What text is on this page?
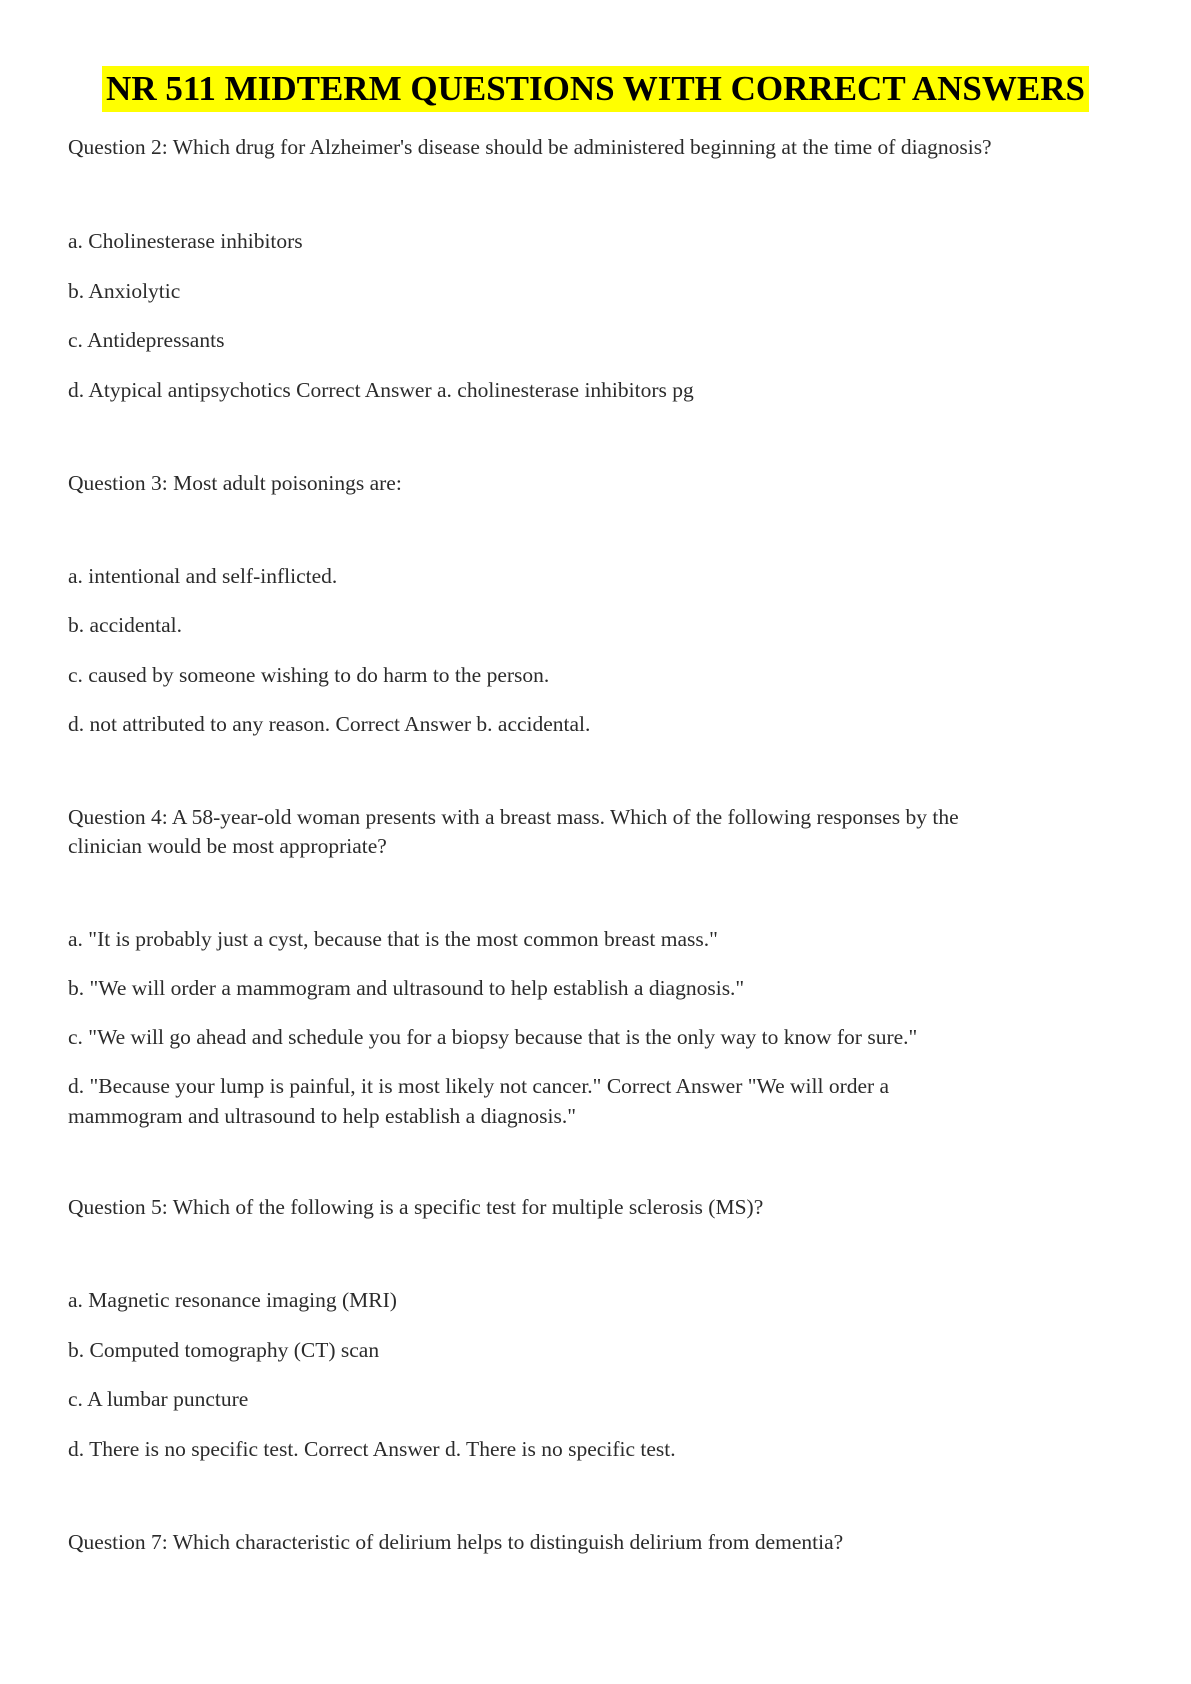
NR 511 MIDTERM QUESTIONS WITH CORRECT ANSWERS
Question 2: Which drug for Alzheimer's disease should be administered beginning at the time of diagnosis?
a. Cholinesterase inhibitors
b. Anxiolytic
c. Antidepressants
d. Atypical antipsychotics Correct Answer a. cholinesterase inhibitors pg
Question 3: Most adult poisonings are:
a. intentional and self-inflicted.
b. accidental.
c. caused by someone wishing to do harm to the person.
d. not attributed to any reason. Correct Answer b. accidental.
Question 4: A 58-year-old woman presents with a breast mass. Which of the following responses by the
clinician would be most appropriate?
a. "It is probably just a cyst, because that is the most common breast mass."
b. "We will order a mammogram and ultrasound to help establish a diagnosis."
c. "We will go ahead and schedule you for a biopsy because that is the only way to know for sure."
d. "Because your lump is painful, it is most likely not cancer." Correct Answer "We will order a
mammogram and ultrasound to help establish a diagnosis."
Question 5: Which of the following is a specific test for multiple sclerosis (MS)?
a. Magnetic resonance imaging (MRI)
b. Computed tomography (CT) scan
c. A lumbar puncture
d. There is no specific test. Correct Answer d. There is no specific test.
Question 7: Which characteristic of delirium helps to distinguish delirium from dementia?
